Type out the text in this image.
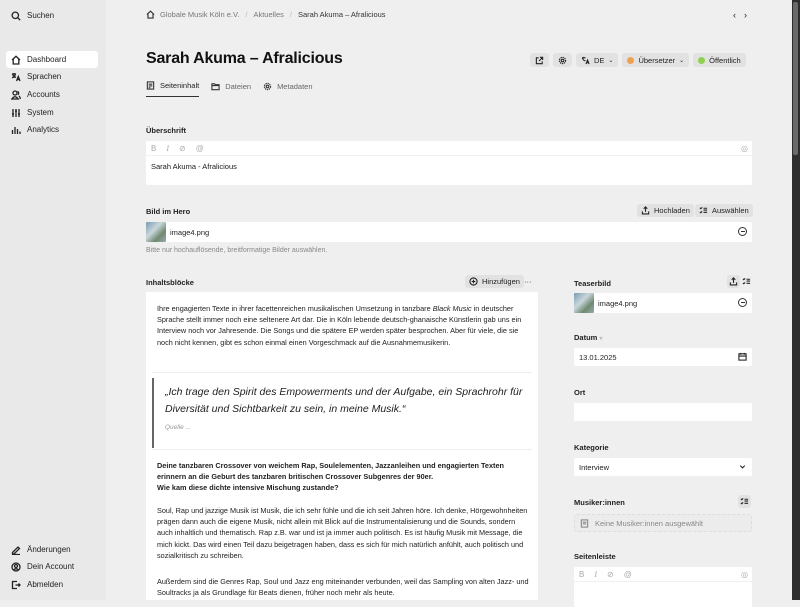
Suchen
Dashboard
Sprachen
Accounts
System
Analytics
Änderungen
Dein Account
Abmelden
Globale Musik Köln e.V. / Aktuelles / Sarah Akuma – Afralicious	‹ ›
Sarah Akuma – Afralicious	DE ⌄	Übersetzer ⌄	Öffentlich
Seiteninhalt	Dateien	Metadaten
Überschrift
B I ⊘ @	◎
Sarah Akuma - Afralicious
Bild im Hero	Hochladen	Auswählen
image4.png
Bitte nur hochauflösende, breitformatige Bilder auswählen.
Inhaltsblöcke	Hinzufügen ···

Ihre engagierten Texte in ihrer facettenreichen musikalischen Umsetzung in tanzbare Black Music in deutscher Sprache stellt immer noch eine seltenere Art dar. Die in Köln lebende deutsch-ghanaische Künstlerin gab uns ein Interview noch vor Jahresende. Die Songs und die spätere EP werden später besprochen. Aber für viele, die sie noch nicht kennen, gibt es schon einmal einen Vorgeschmack auf die Ausnahmemusikerin.

„Ich trage den Spirit des Empowerments und der Aufgabe, ein Sprachrohr für Diversität und Sichtbarkeit zu sein, in meine Musik.“
Quelle ...

Deine tanzbaren Crossover von weichem Rap, Soulelementen, Jazzanleihen und engagierten Texten erinnern an die Geburt des tanzbaren britischen Crossover Subgenres der 90er.
Wie kam diese dichte intensive Mischung zustande?

Soul, Rap und jazzige Musik ist Musik, die ich sehr fühle und die ich seit Jahren höre. Ich denke, Hörgewohnheiten prägen dann auch die eigene Musik, nicht allein mit Blick auf die Instrumentalisierung und die Sounds, sondern auch inhaltlich und thematisch. Rap z.B. war und ist ja immer auch politisch. Es ist häufig Musik mit Message, die mich kickt. Das wird einen Teil dazu beigetragen haben, dass es sich für mich natürlich anfühlt, auch politisch und sozialkritisch zu schreiben.

Außerdem sind die Genres Rap, Soul und Jazz eng miteinander verbunden, weil das Sampling von alten Jazz- und Soultracks ja als Grundlage für Beats dienen, früher noch mehr als heute.

Teaserbild
image4.png
Datum ▾
13.01.2025
Ort
Kategorie
Interview
Musiker:innen
Keine Musiker:innen ausgewählt
Seitenleiste
B I ⊘ @	◎
